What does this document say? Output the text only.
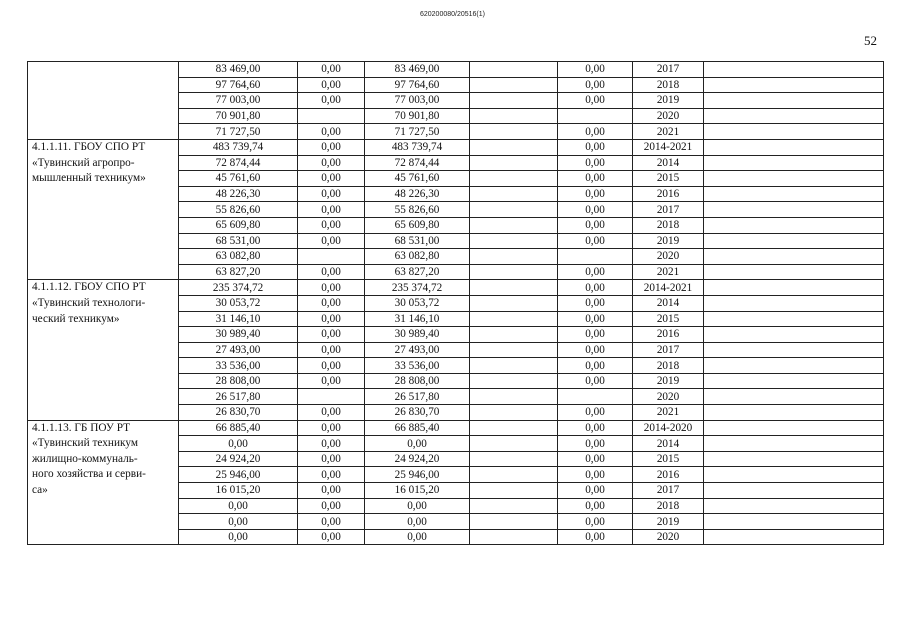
620200080/20516(1)
52
	83 469,00	0,00	83 469,00		0,00	2017	
	97 764,60	0,00	97 764,60		0,00	2018	
	77 003,00	0,00	77 003,00		0,00	2019	
	70 901,80		70 901,80			2020	
	71 727,50	0,00	71 727,50		0,00	2021	

4.1.1.11. ГБОУ СПО РТ
«Тувинский агропро-
мышленный техникум»	483 739,74	0,00	483 739,74		0,00	2014-2021	
	72 874,44	0,00	72 874,44		0,00	2014	
	45 761,60	0,00	45 761,60		0,00	2015	
	48 226,30	0,00	48 226,30		0,00	2016	
	55 826,60	0,00	55 826,60		0,00	2017	
	65 609,80	0,00	65 609,80		0,00	2018	
	68 531,00	0,00	68 531,00		0,00	2019	
	63 082,80		63 082,80			2020	
	63 827,20	0,00	63 827,20		0,00	2021	

4.1.1.12. ГБОУ СПО РТ
«Тувинский технологи-
ческий техникум»	235 374,72	0,00	235 374,72		0,00	2014-2021	
	30 053,72	0,00	30 053,72		0,00	2014	
	31 146,10	0,00	31 146,10		0,00	2015	
	30 989,40	0,00	30 989,40		0,00	2016	
	27 493,00	0,00	27 493,00		0,00	2017	
	33 536,00	0,00	33 536,00		0,00	2018	
	28 808,00	0,00	28 808,00		0,00	2019	
	26 517,80		26 517,80			2020	
	26 830,70	0,00	26 830,70		0,00	2021	

4.1.1.13. ГБ ПОУ РТ
«Тувинский техникум
жилищно-коммуналь-
ного хозяйства и серви-
са»	66 885,40	0,00	66 885,40		0,00	2014-2020	
	0,00	0,00	0,00		0,00	2014	
	24 924,20	0,00	24 924,20		0,00	2015	
	25 946,00	0,00	25 946,00		0,00	2016	
	16 015,20	0,00	16 015,20		0,00	2017	
	0,00	0,00	0,00		0,00	2018	
	0,00	0,00	0,00		0,00	2019	
	0,00	0,00	0,00		0,00	2020	
